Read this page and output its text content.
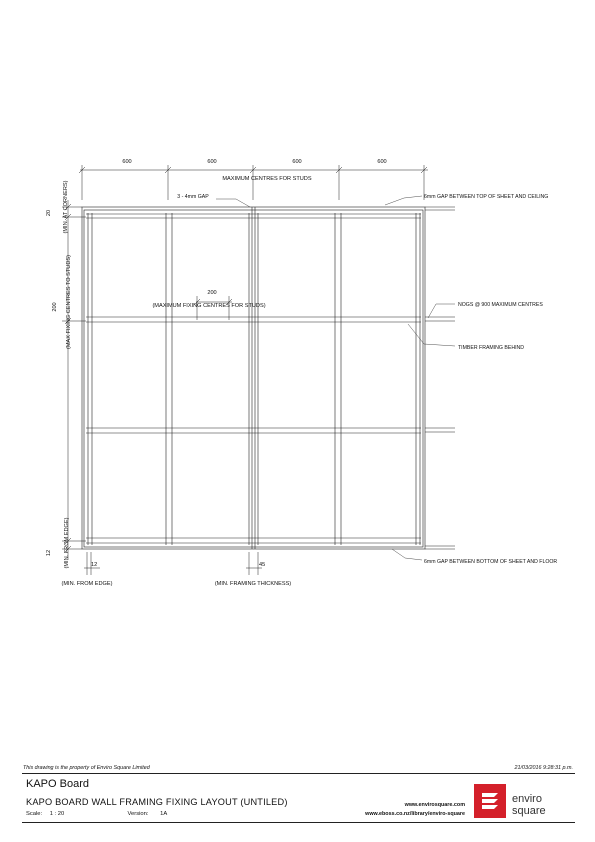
600	600	600	600
MAXIMUM CENTRES FOR STUDS
200
(MAXIMUM FIXING CENTRES FOR STUDS)
20 (MIN. AT CORNERS)
200 (MAX FIXING CENTRES TO STUDS)
12 (MIN. FROM EDGE)	12
(MIN. FROM EDGE)
45
(MIN. FRAMING THICKNESS)
3 - 4mm GAP	6mm GAP BETWEEN TOP OF SHEET AND CEILING
NOGS @ 900 MAXIMUM CENTRES
TIMBER FRAMING BEHIND
6mm GAP BETWEEN BOTTOM OF SHEET AND FLOOR
This drawing is the property of Enviro Square Limited	21/03/2016 9:28:31 p.m.
KAPO Board
KAPO BOARD WALL FRAMING FIXING LAYOUT (UNTILED)
Scale: 1 : 20	Version: 1A
www.envirosquare.com
www.eboss.co.nz/library/enviro-square
enviro square
